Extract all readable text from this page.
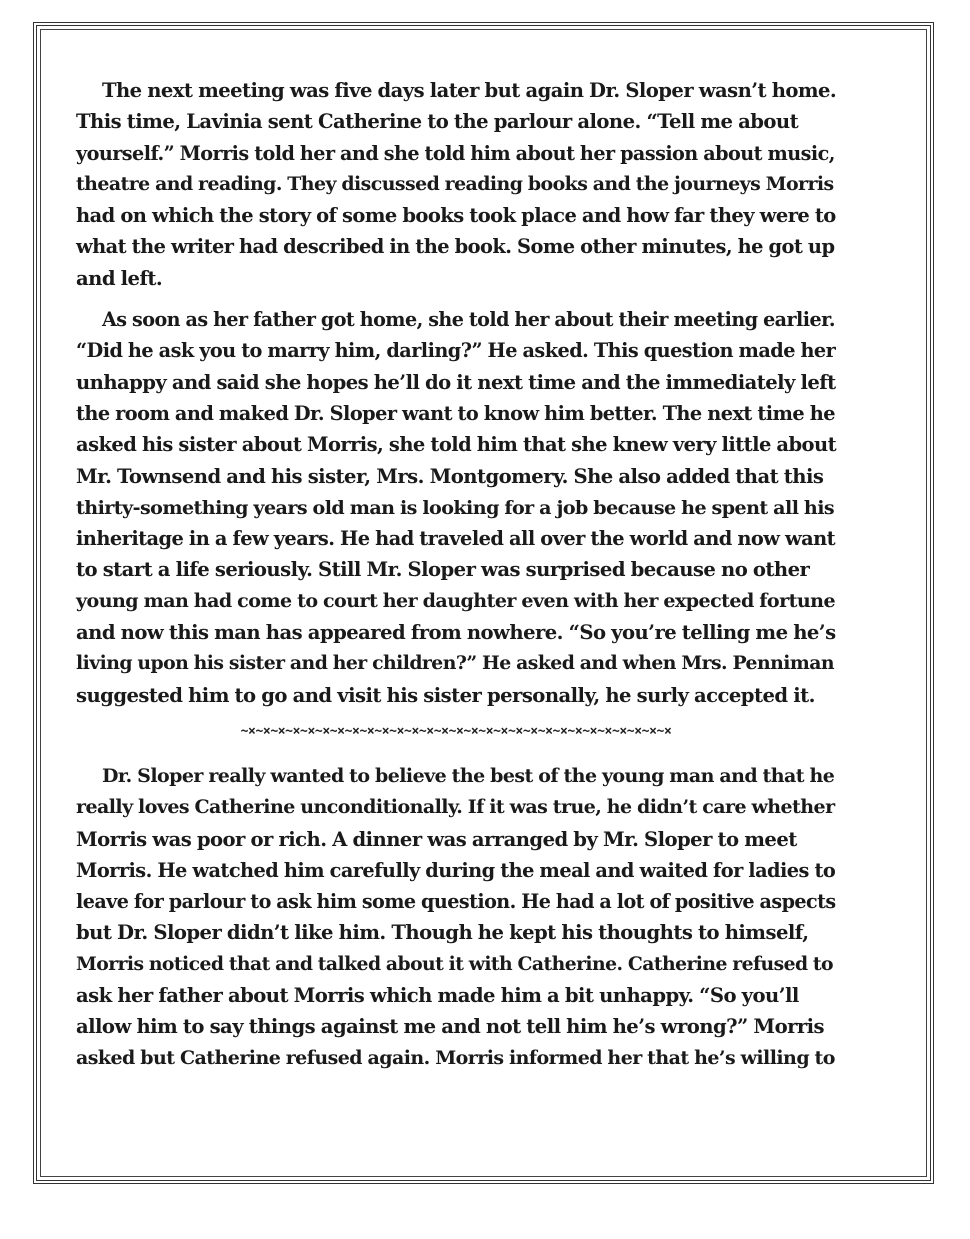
The next meeting was five days later but again Dr. Sloper wasn’t home.
This time, Lavinia sent Catherine to the parlour alone. “Tell me about
yourself.” Morris told her and she told him about her passion about music,
theatre and reading. They discussed reading books and the journeys Morris
had on which the story of some books took place and how far they were to
what the writer had described in the book. Some other minutes, he got up
and left.
As soon as her father got home, she told her about their meeting earlier.
“Did he ask you to marry him, darling?” He asked. This question made her
unhappy and said she hopes he’ll do it next time and the immediately left
the room and maked Dr. Sloper want to know him better. The next time he
asked his sister about Morris, she told him that she knew very little about
Mr. Townsend and his sister, Mrs. Montgomery. She also added that this
thirty-something years old man is looking for a job because he spent all his
inheritage in a few years. He had traveled all over the world and now want
to start a life seriously. Still Mr. Sloper was surprised because no other
young man had come to court her daughter even with her expected fortune
and now this man has appeared from nowhere. “So you’re telling me he’s
living upon his sister and her children?” He asked and when Mrs. Penniman
suggested him to go and visit his sister personally, he surly accepted it.
~×~×~×~×~×~×~×~×~×~×~×~×~×~×~×~×~×~×~×~×~×~×~×~×~×~×~×~×~×
Dr. Sloper really wanted to believe the best of the young man and that he
really loves Catherine unconditionally. If it was true, he didn’t care whether
Morris was poor or rich. A dinner was arranged by Mr. Sloper to meet
Morris. He watched him carefully during the meal and waited for ladies to
leave for parlour to ask him some question. He had a lot of positive aspects
but Dr. Sloper didn’t like him. Though he kept his thoughts to himself,
Morris noticed that and talked about it with Catherine. Catherine refused to
ask her father about Morris which made him a bit unhappy. “So you’ll
allow him to say things against me and not tell him he’s wrong?” Morris
asked but Catherine refused again. Morris informed her that he’s willing to
